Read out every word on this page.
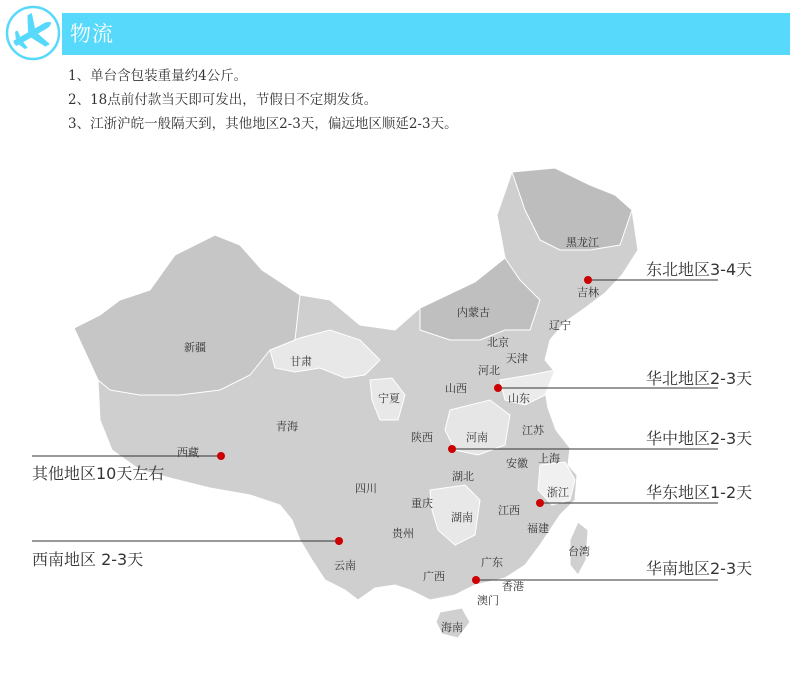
物流
1、单台含包装重量约4公斤。
2、18点前付款当天即可发出，节假日不定期发货。
3、江浙沪皖一般隔天到，其他地区2-3天，偏远地区顺延2-3天。
黑龙江
吉林
辽宁
内蒙古
北京
天津
河北
山西
山东
新疆
甘肃
宁夏
青海
陕西	河南
江苏
安徽 上海
西藏
湖北
四川
重庆
浙江
湖南
江西
贵州	福建
台湾
云南
广西
广东
香港
澳门
海南
东北地区3-4天
华北地区2-3天
华中地区2-3天
华东地区1-2天
华南地区2-3天
其他地区10天左右
西南地区 2-3天
